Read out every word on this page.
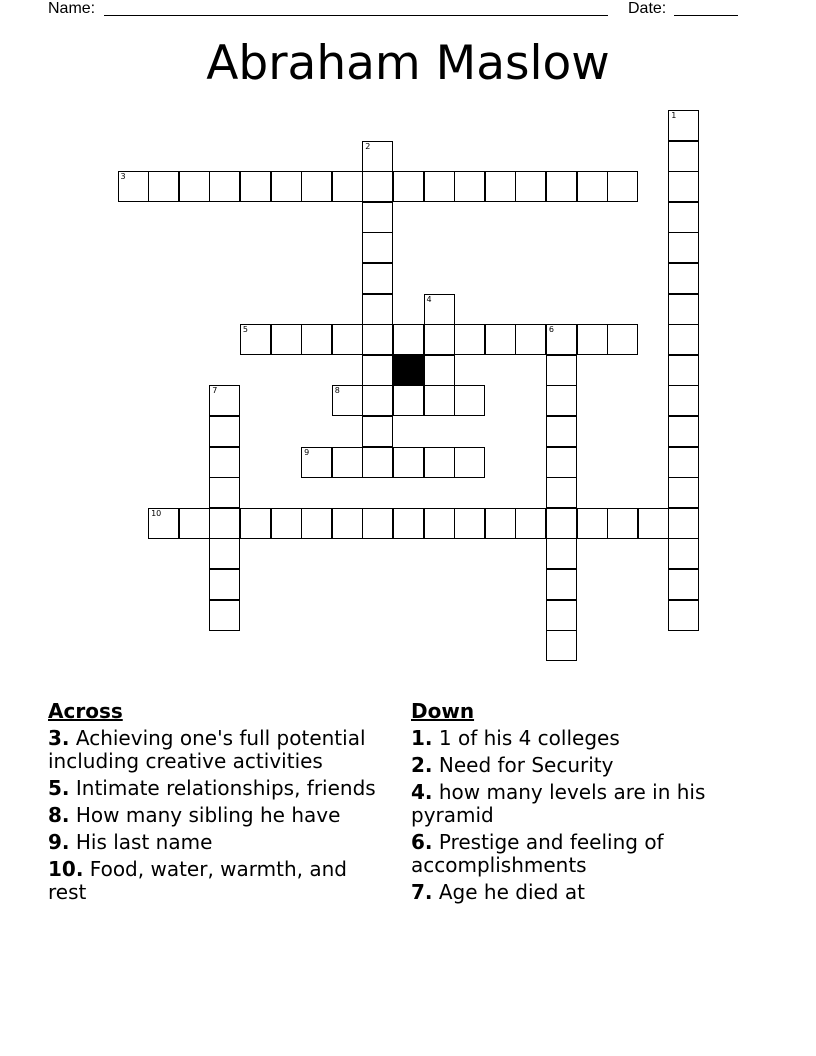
Name:	Date:
Abraham Maslow
1
2
3
4
5	6
7	8
9
10
Across
3. Achieving one's full potential including creative activities
5. Intimate relationships, friends
8. How many sibling he have
9. His last name
10. Food, water, warmth, and rest
Down
1. 1 of his 4 colleges
2. Need for Security
4. how many levels are in his pyramid
6. Prestige and feeling of accomplishments
7. Age he died at
